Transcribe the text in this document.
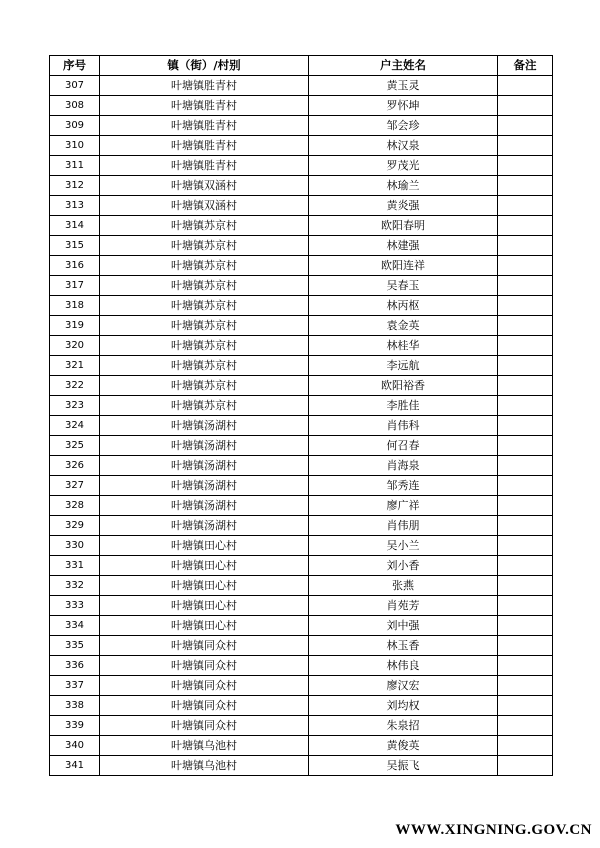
序号	镇（街）/村别	户主姓名	备注
307	叶塘镇胜青村	黄玉灵	
308	叶塘镇胜青村	罗怀坤	
309	叶塘镇胜青村	邹会珍	
310	叶塘镇胜青村	林汉泉	
311	叶塘镇胜青村	罗茂光	
312	叶塘镇双涵村	林瑜兰	
313	叶塘镇双涵村	黄炎强	
314	叶塘镇苏京村	欧阳春明	
315	叶塘镇苏京村	林建强	
316	叶塘镇苏京村	欧阳连祥	
317	叶塘镇苏京村	吴春玉	
318	叶塘镇苏京村	林丙枢	
319	叶塘镇苏京村	袁金英	
320	叶塘镇苏京村	林桂华	
321	叶塘镇苏京村	李远航	
322	叶塘镇苏京村	欧阳裕香	
323	叶塘镇苏京村	李胜佳	
324	叶塘镇汤湖村	肖伟科	
325	叶塘镇汤湖村	何召春	
326	叶塘镇汤湖村	肖海泉	
327	叶塘镇汤湖村	邹秀连	
328	叶塘镇汤湖村	廖广祥	
329	叶塘镇汤湖村	肖伟朋	
330	叶塘镇田心村	吴小兰	
331	叶塘镇田心村	刘小香	
332	叶塘镇田心村	张燕	
333	叶塘镇田心村	肖苑芳	
334	叶塘镇田心村	刘中强	
335	叶塘镇同众村	林玉香	
336	叶塘镇同众村	林伟良	
337	叶塘镇同众村	廖汉宏	
338	叶塘镇同众村	刘均权	
339	叶塘镇同众村	朱泉招	
340	叶塘镇乌池村	黄俊英	
341	叶塘镇乌池村	吴振飞	
WWW.XINGNING.GOV.CN
